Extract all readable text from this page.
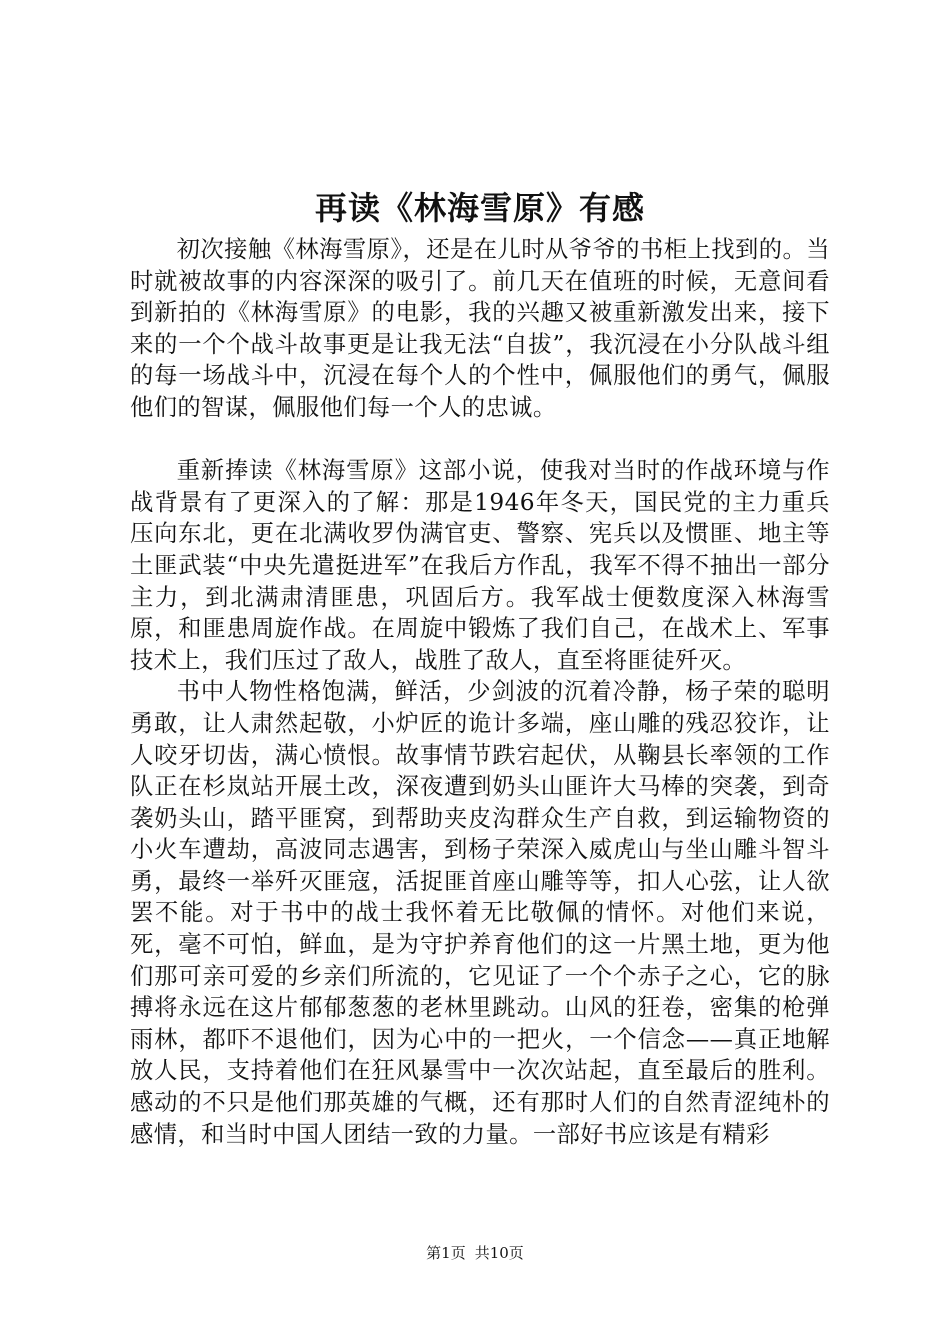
再读《林海雪原》有感

初次接触《林海雪原》，还是在儿时从爷爷的书柜上找到的。当时就被故事的内容深深的吸引了。前几天在值班的时候，无意间看到新拍的《林海雪原》的电影，我的兴趣又被重新激发出来，接下来的一个个战斗故事更是让我无法“自拔”，我沉浸在小分队战斗组的每一场战斗中，沉浸在每个人的个性中，佩服他们的勇气，佩服他们的智谋，佩服他们每一个人的忠诚。

重新捧读《林海雪原》这部小说，使我对当时的作战环境与作战背景有了更深入的了解：那是1946年冬天，国民党的主力重兵压向东北，更在北满收罗伪满官吏、警察、宪兵以及惯匪、地主等土匪武装“中央先遣挺进军”在我后方作乱，我军不得不抽出一部分主力，到北满肃清匪患，巩固后方。我军战士便数度深入林海雪原，和匪患周旋作战。在周旋中锻炼了我们自己，在战术上、军事技术上，我们压过了敌人，战胜了敌人，直至将匪徒歼灭。

书中人物性格饱满，鲜活，少剑波的沉着冷静，杨子荣的聪明勇敢，让人肃然起敬，小炉匠的诡计多端，座山雕的残忍狡诈，让人咬牙切齿，满心愤恨。故事情节跌宕起伏，从鞠县长率领的工作队正在杉岚站开展土改，深夜遭到奶头山匪许大马棒的突袭，到奇袭奶头山，踏平匪窝，到帮助夹皮沟群众生产自救，到运输物资的小火车遭劫，高波同志遇害，到杨子荣深入威虎山与坐山雕斗智斗勇，最终一举歼灭匪寇，活捉匪首座山雕等等，扣人心弦，让人欲罢不能。对于书中的战士我怀着无比敬佩的情怀。对他们来说，死，毫不可怕，鲜血，是为守护养育他们的这一片黑土地，更为他们那可亲可爱的乡亲们所流的，它见证了一个个赤子之心，它的脉搏将永远在这片郁郁葱葱的老林里跳动。山风的狂卷，密集的枪弹雨林，都吓不退他们，因为心中的一把火，一个信念——真正地解放人民，支持着他们在狂风暴雪中一次次站起，直至最后的胜利。感动的不只是他们那英雄的气概，还有那时人们的自然青涩纯朴的感情，和当时中国人团结一致的力量。一部好书应该是有精彩

第1页 共10页
